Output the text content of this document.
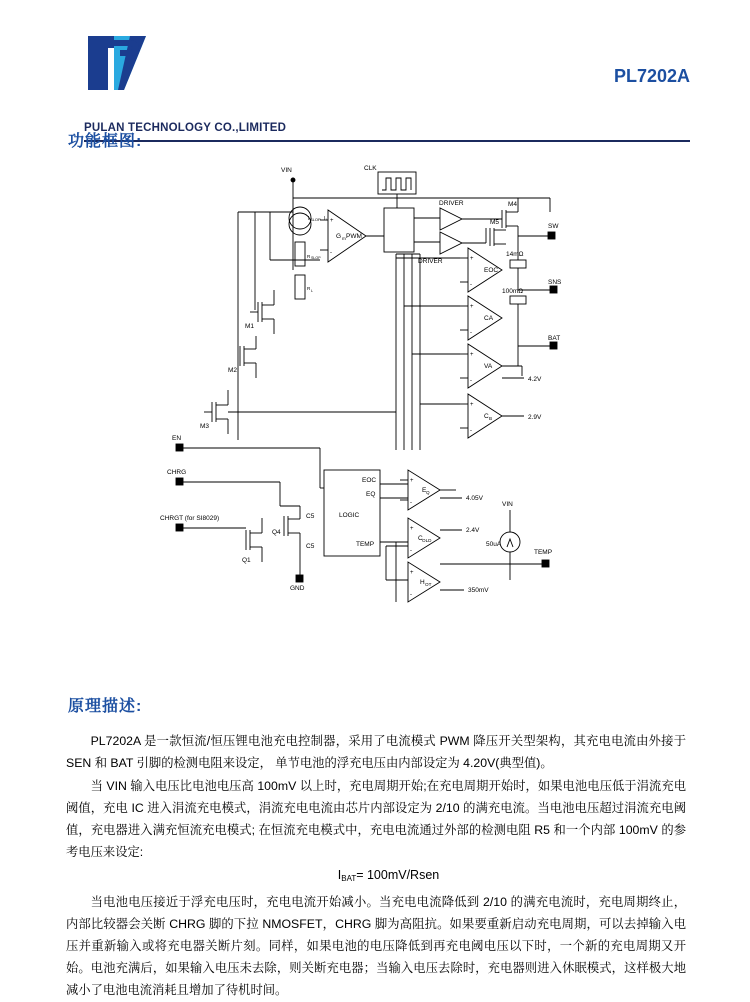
PULAN TECHNOLOGY CO.,LIMITED
PL7202A
功能框图:
+
-
+
-
+
-
+
-
+
-
+
-
+
-
+
-
VIN	CLK
DRIVER
DRIVER
G m PWM
I SLOP I₁
R SLOP
R L
M1
M2
M3
M4
M5
SW
14mΩ
100mΩ
SNS
BAT
EOC
CA
VA
C B
4.2V
2.9V
EN
CHRG
CHRGT (for SI8029)
Q4
Q1
C5
C5
GND
LOGIC
EOC
EQ
TEMP
E Q
C OLD
H OT
4.05V
2.4V
VIN
50uA
TEMP
350mV
原理描述:

PL7202A 是一款恒流/恒压锂电池充电控制器，采用了电流模式 PWM 降压开关型架构，其充电电流由外接于 SEN 和 BAT 引脚的检测电阻来设定， 单节电池的浮充电压由内部设定为 4.20V(典型值)。

当 VIN 输入电压比电池电压高 100mV 以上时，充电周期开始;在充电周期开始时，如果电池电压低于涓流充电阈值，充电 IC 进入涓流充电模式，涓流充电电流由芯片内部设定为 2/10 的满充电流。当电池电压超过涓流充电阈值，充电器进入满充恒流充电模式; 在恒流充电模式中，充电电流通过外部的检测电阻 R5 和一个内部 100mV 的参考电压来设定:

$I_{BAT}=$ 100mV/Rsen

当电池电压接近于浮充电压时，充电电流开始减小。当充电电流降低到 2/10 的满充电流时，充电周期终止，内部比较器会关断 CHRG 脚的下拉 NMOSFET，CHRG 脚为高阻抗。如果要重新启动充电周期，可以去掉输入电压并重新输入或将充电器关断片刻。同样，如果电池的电压降低到再充电阈电压以下时，一个新的充电周期又开始。电池充满后，如果输入电压未去除，则关断充电器；当输入电压去除时，充电器则进入休眠模式，这样极大地减小了电池电流消耗且增加了待机时间。
